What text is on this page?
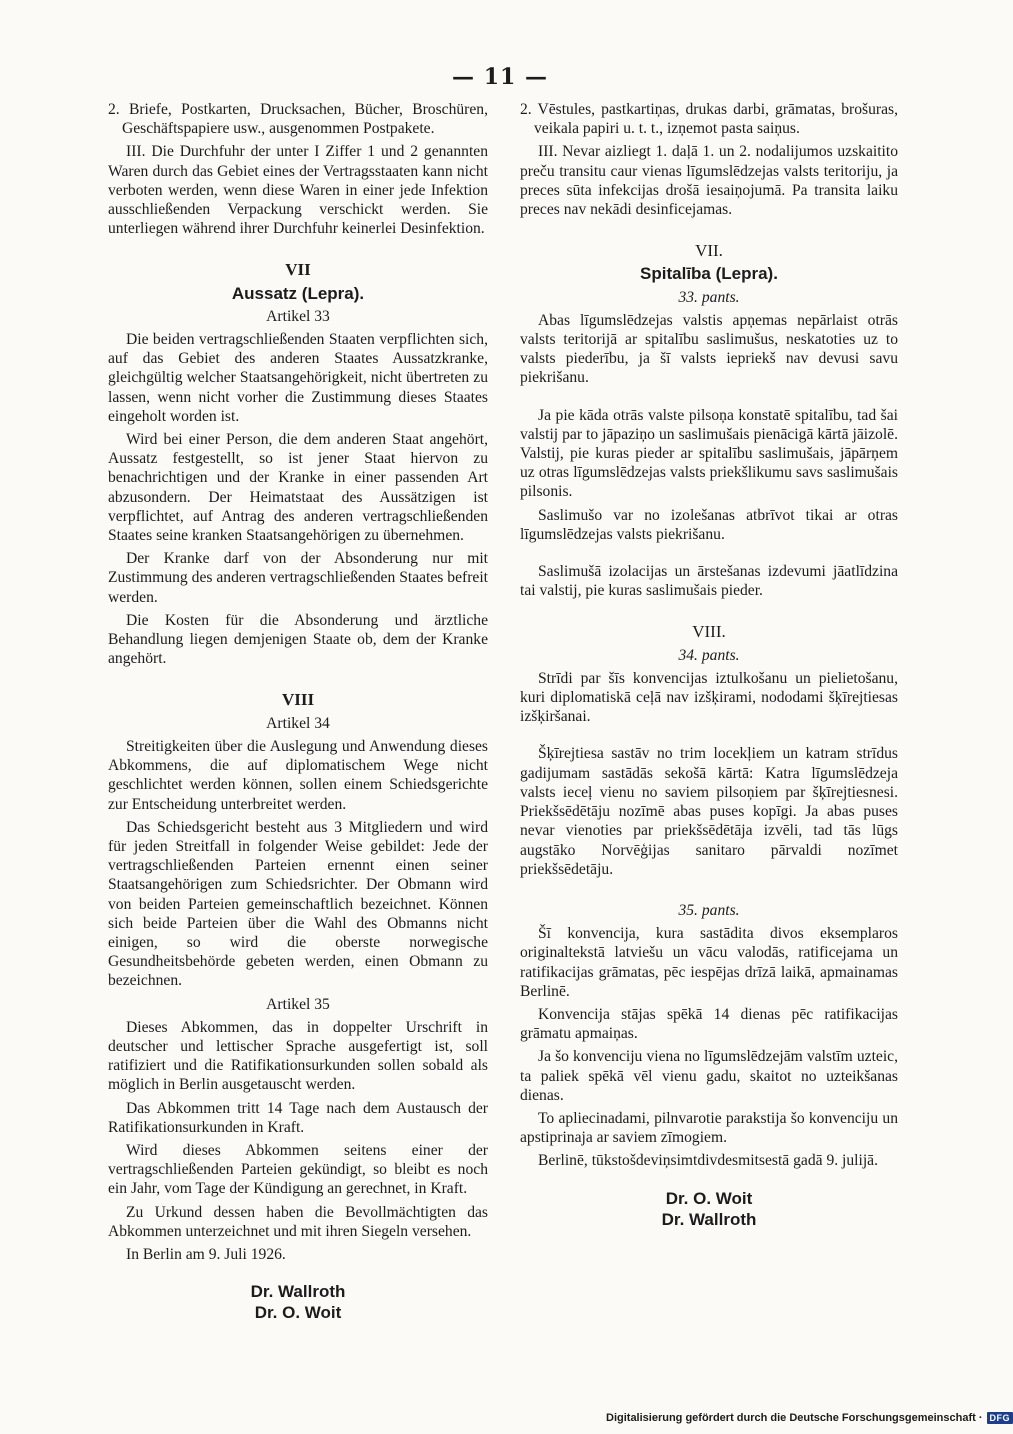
— 11 —

2. Briefe, Postkarten, Drucksachen, Bücher, Broschüren, Geschäftspapiere usw., ausgenommen Postpakete.

III. Die Durchfuhr der unter I Ziffer 1 und 2 genannten Waren durch das Gebiet eines der Vertragsstaaten kann nicht verboten werden, wenn diese Waren in einer jede Infektion ausschließenden Verpackung verschickt werden. Sie unterliegen während ihrer Durchfuhr keinerlei Desinfektion.

VII
Aussatz (Lepra).
Artikel 33

Die beiden vertragschließenden Staaten verpflichten sich, auf das Gebiet des anderen Staates Aussatzkranke, gleichgültig welcher Staatsangehörigkeit, nicht übertreten zu lassen, wenn nicht vorher die Zustimmung dieses Staates eingeholt worden ist.

Wird bei einer Person, die dem anderen Staat angehört, Aussatz festgestellt, so ist jener Staat hiervon zu benachrichtigen und der Kranke in einer passenden Art abzusondern. Der Heimatstaat des Aussätzigen ist verpflichtet, auf Antrag des anderen vertragschließenden Staates seine kranken Staatsangehörigen zu übernehmen.

Der Kranke darf von der Absonderung nur mit Zustimmung des anderen vertragschließenden Staates befreit werden.

Die Kosten für die Absonderung und ärztliche Behandlung liegen demjenigen Staate ob, dem der Kranke angehört.

VIII
Artikel 34

Streitigkeiten über die Auslegung und Anwendung dieses Abkommens, die auf diplomatischem Wege nicht geschlichtet werden können, sollen einem Schiedsgerichte zur Entscheidung unterbreitet werden.

Das Schiedsgericht besteht aus 3 Mitgliedern und wird für jeden Streitfall in folgender Weise gebildet: Jede der vertragschließenden Parteien ernennt einen seiner Staatsangehörigen zum Schiedsrichter. Der Obmann wird von beiden Parteien gemeinschaftlich bezeichnet. Können sich beide Parteien über die Wahl des Obmanns nicht einigen, so wird die oberste norwegische Gesundheitsbehörde gebeten werden, einen Obmann zu bezeichnen.

Artikel 35

Dieses Abkommen, das in doppelter Urschrift in deutscher und lettischer Sprache ausgefertigt ist, soll ratifiziert und die Ratifikationsurkunden sollen sobald als möglich in Berlin ausgetauscht werden.

Das Abkommen tritt 14 Tage nach dem Austausch der Ratifikationsurkunden in Kraft.

Wird dieses Abkommen seitens einer der vertragschließenden Parteien gekündigt, so bleibt es noch ein Jahr, vom Tage der Kündigung an gerechnet, in Kraft.

Zu Urkund dessen haben die Bevollmächtigten das Abkommen unterzeichnet und mit ihren Siegeln versehen.

In Berlin am 9. Juli 1926.

Dr. Wallroth
Dr. O. Woit

2. Vēstules, pastkartiņas, drukas darbi, grāmatas, brošuras, veikala papiri u. t. t., izņemot pasta saiņus.

III. Nevar aizliegt 1. daļā 1. un 2. nodalijumos uzskaitito preču transitu caur vienas līgumslēdzejas valsts teritoriju, ja preces sūta infekcijas drošā iesaiņojumā. Pa transita laiku preces nav nekādi desinficejamas.

VII.
Spitalība (Lepra).
33. pants.

Abas līgumslēdzejas valstis apņemas nepārlaist otrās valsts teritorijā ar spitalību saslimušus, neskatoties uz to valsts piederību, ja šī valsts iepriekš nav devusi savu piekrišanu.

Ja pie kāda otrās valste pilsoņa konstatē spitalību, tad šai valstij par to jāpaziņo un saslimušais pienācigā kārtā jāizolē. Valstij, pie kuras pieder ar spitalību saslimušais, jāpārņem uz otras līgumslēdzejas valsts priekšlikumu savs saslimušais pilsonis.

Saslimušo var no izolešanas atbrīvot tikai ar otras līgumslēdzejas valsts piekrišanu.

Saslimušā izolacijas un ārstešanas izdevumi jāatlīdzina tai valstij, pie kuras saslimušais pieder.

VIII.
34. pants.

Strīdi par šīs konvencijas iztulkošanu un pielietošanu, kuri diplomatiskā ceļā nav izšķirami, nododami šķīrejtiesas izšķiršanai.

Šķīrejtiesa sastāv no trim locekļiem un katram strīdus gadijumam sastādās sekošā kārtā: Katra līgumslēdzeja valsts ieceļ vienu no saviem pilsoņiem par šķīrejtiesnesi. Priekšsēdētāju nozīmē abas puses kopīgi. Ja abas puses nevar vienoties par priekšsēdētāja izvēli, tad tās lūgs augstāko Norvēģijas sanitaro pārvaldi nozīmet priekšsēdetāju.

35. pants.

Šī konvencija, kura sastādita divos eksemplaros originaltekstā latviešu un vācu valodās, ratificejama un ratifikacijas grāmatas, pēc iespējas drīzā laikā, apmainamas Berlinē.

Konvencija stājas spēkā 14 dienas pēc ratifikacijas grāmatu apmaiņas.

Ja šo konvenciju viena no līgumslēdzejām valstīm uzteic, ta paliek spēkā vēl vienu gadu, skaitot no uzteikšanas dienas.

To apliecinadami, pilnvarotie parakstija šo konvenciju un apstiprinaja ar saviem zīmogiem.

Berlinē, tūkstošdeviņsimtdivdesmitsestā gadā 9. julijā.

Dr. O. Woit
Dr. Wallroth
Digitalisierung gefördert durch die Deutsche Forschungsgemeinschaft · DFG
